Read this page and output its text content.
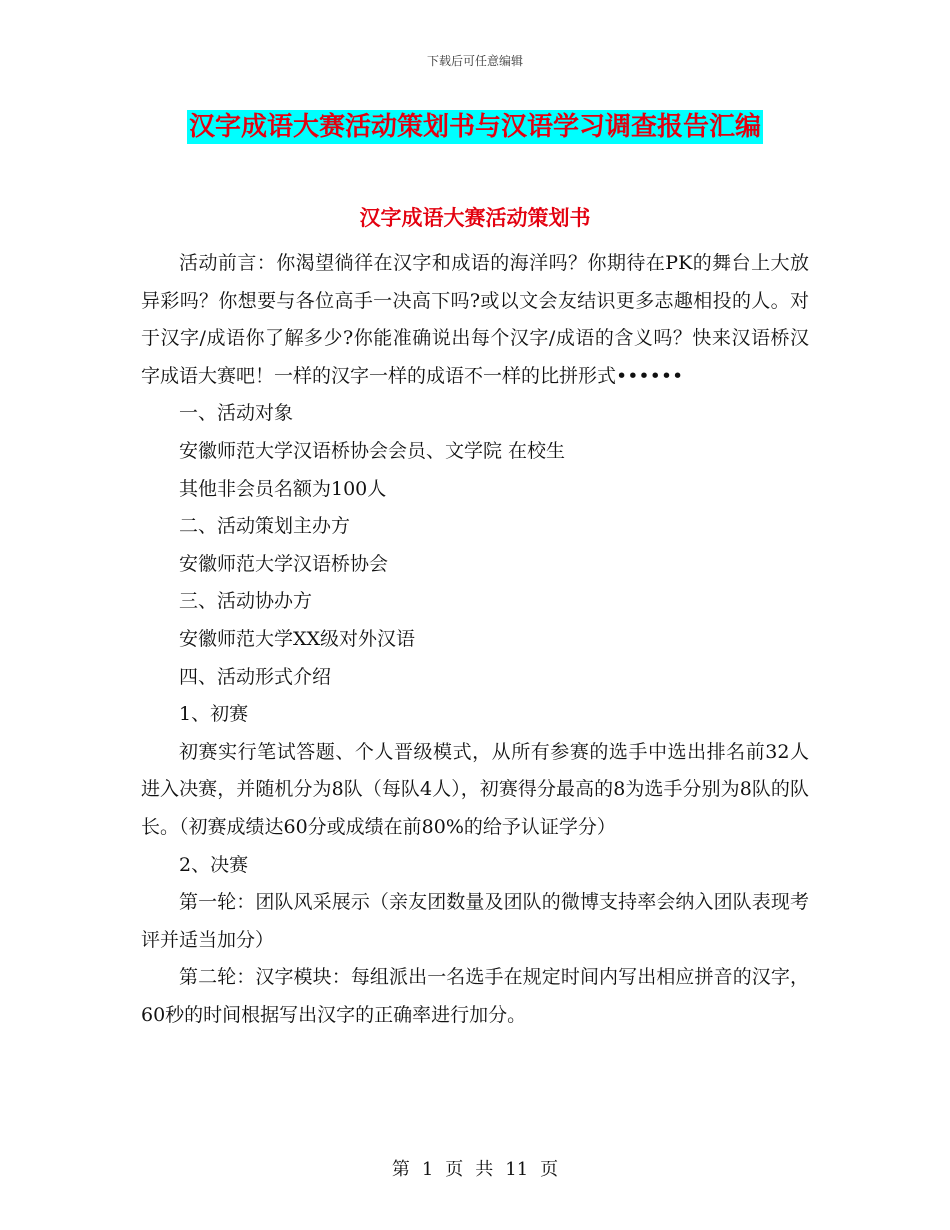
下载后可任意编辑
汉字成语大赛活动策划书与汉语学习调查报告汇编
汉字成语大赛活动策划书

活动前言：你渴望徜徉在汉字和成语的海洋吗？你期待在PK的舞台上大放异彩吗？你想要与各位高手一决高下吗?或以文会友结识更多志趣相投的人。对于汉字/成语你了解多少?你能准确说出每个汉字/成语的含义吗？快来汉语桥汉字成语大赛吧！一样的汉字一样的成语不一样的比拼形式••••••

一、活动对象

安徽师范大学汉语桥协会会员、文学院 在校生

其他非会员名额为100人

二、活动策划主办方

安徽师范大学汉语桥协会

三、活动协办方

安徽师范大学XX级对外汉语

四、活动形式介绍

1、初赛

初赛实行笔试答题、个人晋级模式，从所有参赛的选手中选出排名前32人进入决赛，并随机分为8队（每队4人），初赛得分最高的8为选手分别为8队的队长。（初赛成绩达60分或成绩在前80%的给予认证学分）

2、决赛

第一轮：团队风采展示（亲友团数量及团队的微博支持率会纳入团队表现考评并适当加分）

第二轮：汉字模块：每组派出一名选手在规定时间内写出相应拼音的汉字，60秒的时间根据写出汉字的正确率进行加分。

第 1 页 共 11 页
